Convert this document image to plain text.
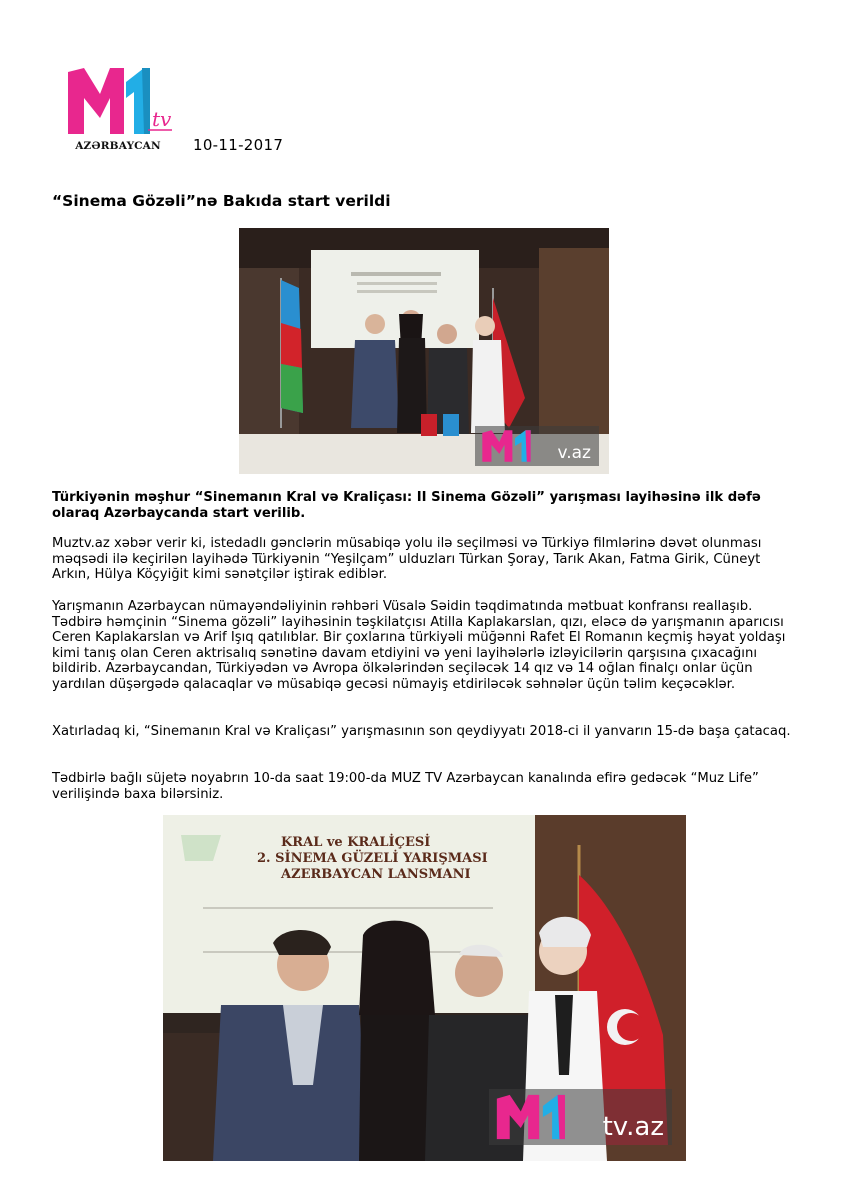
tv
AZƏRBAYCAN	10-11-2017
“Sinema Gözəli”nə Bakıda start verildi
v.az

Türkiyənin məşhur “Sinemanın Kral və Kraliçası: II Sinema Gözəli” yarışması layihəsinə ilk dəfə olaraq Azərbaycanda start verilib.

Muztv.az xəbər verir ki, istedadlı gənclərin müsabiqə yolu ilə seçilməsi və Türkiyə filmlərinə dəvət olunması məqsədi ilə keçirilən layihədə Türkiyənin “Yeşilçam” ulduzları Türkan Şoray, Tarık Akan, Fatma Girik, Cüneyt Arkın, Hülya Köçyiğit kimi sənətçilər iştirak ediblər.

Yarışmanın Azərbaycan nümayəndəliyinin rəhbəri Vüsalə Səidin təqdimatında mətbuat konfransı reallaşıb. Tədbirə həmçinin “Sinema gözəli” layihəsinin təşkilatçısı Atilla Kaplakarslan, qızı, eləcə də yarışmanın aparıcısı Ceren Kaplakarslan və Arif Işıq qatılıblar. Bir çoxlarına türkiyəli müğənni Rafet El Romanın keçmiş həyat yoldaşı kimi tanış olan Ceren aktrisalıq sənətinə davam etdiyini və yeni layihələrlə izləyicilərin qarşısına çıxacağını bildirib. Azərbaycandan, Türkiyədən və Avropa ölkələrindən seçiləcək 14 qız və 14 oğlan finalçı onlar üçün yardılan düşərgədə qalacaqlar və müsabiqə gecəsi nümayiş etdiriləcək səhnələr üçün təlim keçəcəklər.

Xatırladaq ki, “Sinemanın Kral və Kraliçası” yarışmasının son qeydiyyatı 2018-ci il yanvarın 15-də başa çatacaq.

Tədbirlə bağlı süjetə noyabrın 10-da saat 19:00-da MUZ TV Azərbaycan kanalında efirə gedəcək “Muz Life” verilişində baxa bilərsiniz.

KRAL ve KRALİÇESİ
2. SİNEMA GÜZELİ YARIŞMASI
AZERBAYCAN LANSMANI
tv.az
